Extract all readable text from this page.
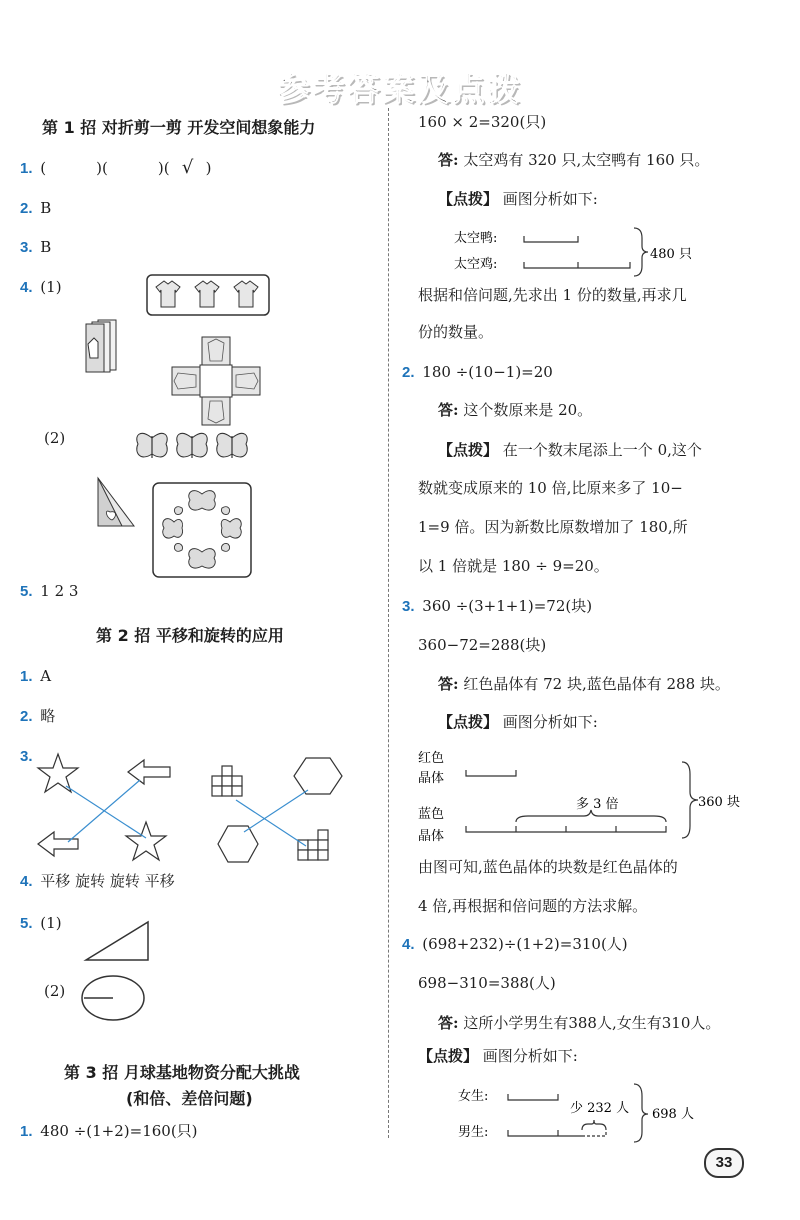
参考答案及点拨
第 1 招 对折剪一剪 开发空间想象能力
1. (	)(	)( √ )
2. B
3. B
4. (1)
(2)
5. 1 2 3
第 2 招 平移和旋转的应用
1. A
2. 略
3.
4. 平移 旋转 旋转 平移
5. (1)
(2)
第 3 招 月球基地物资分配大挑战
(和倍、差倍问题)
1. 480 ÷(1+2)=160(只)
160 × 2=320(只)
答: 太空鸡有 320 只,太空鸭有 160 只。
【点拨】 画图分析如下:
太空鸭:
太空鸡:
480 只
根据和倍问题,先求出 1 份的数量,再求几
份的数量。
2. 180 ÷(10−1)=20
答: 这个数原来是 20。
【点拨】 在一个数末尾添上一个 0,这个
数就变成原来的 10 倍,比原来多了 10−
1=9 倍。因为新数比原数增加了 180,所
以 1 倍就是 180 ÷ 9=20。
3. 360 ÷(3+1+1)=72(块)
360−72=288(块)
答: 红色晶体有 72 块,蓝色晶体有 288 块。
【点拨】 画图分析如下:
红色
晶体
蓝色
晶体
多 3 倍	360 块
由图可知,蓝色晶体的块数是红色晶体的
4 倍,再根据和倍问题的方法求解。
4. (698+232)÷(1+2)=310(人)
698−310=388(人)
答: 这所小学男生有388人,女生有310人。
【点拨】 画图分析如下:
女生:
男生:
少 232 人 698 人
33
